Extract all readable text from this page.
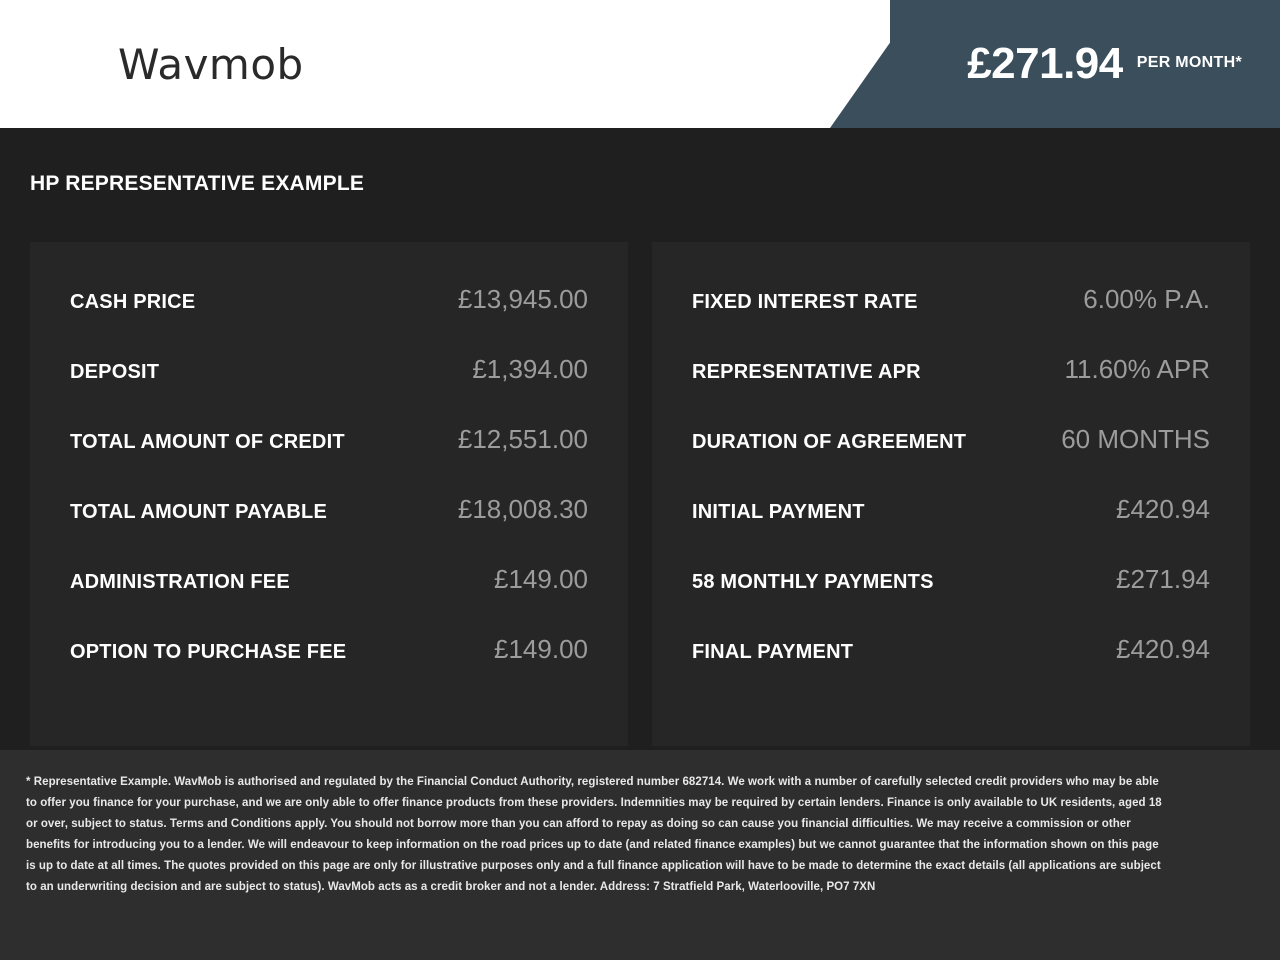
Wavmob	£271.94 PER MONTH*
HP REPRESENTATIVE EXAMPLE
CASH PRICE	£13,945.00
DEPOSIT	£1,394.00
TOTAL AMOUNT OF CREDIT	£12,551.00
TOTAL AMOUNT PAYABLE	£18,008.30
ADMINISTRATION FEE	£149.00
OPTION TO PURCHASE FEE	£149.00
FIXED INTEREST RATE	6.00% P.A.
REPRESENTATIVE APR	11.60% APR
DURATION OF AGREEMENT	60 MONTHS
INITIAL PAYMENT	£420.94
58 MONTHLY PAYMENTS	£271.94
FINAL PAYMENT	£420.94
* Representative Example. WavMob is authorised and regulated by the Financial Conduct Authority, registered number 682714. We work with a number of carefully selected credit providers who may be able to offer you finance for your purchase, and we are only able to offer finance products from these providers. Indemnities may be required by certain lenders. Finance is only available to UK residents, aged 18 or over, subject to status. Terms and Conditions apply. You should not borrow more than you can afford to repay as doing so can cause you financial difficulties. We may receive a commission or other benefits for introducing you to a lender. We will endeavour to keep information on the road prices up to date (and related finance examples) but we cannot guarantee that the information shown on this page is up to date at all times. The quotes provided on this page are only for illustrative purposes only and a full finance application will have to be made to determine the exact details (all applications are subject to an underwriting decision and are subject to status). WavMob acts as a credit broker and not a lender. Address: 7 Stratfield Park, Waterlooville, PO7 7XN
